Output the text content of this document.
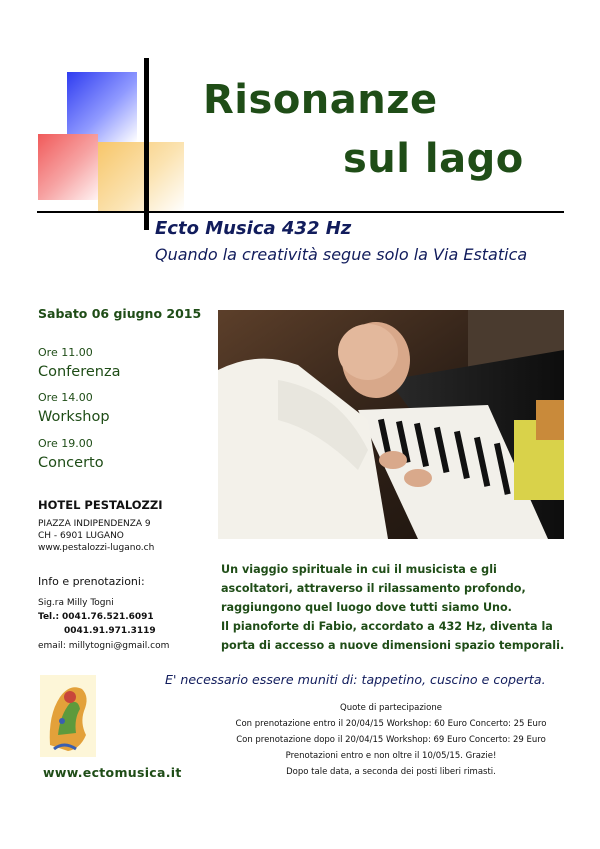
Risonanze
sul lago
Ecto Musica 432 Hz
Quando la creatività segue solo la Via Estatica
Sabato 06 giugno 2015
Ore 11.00
Conferenza
Ore 14.00
Workshop
Ore 19.00
Concerto
HOTEL PESTALOZZI
PIAZZA INDIPENDENZA 9
CH - 6901 LUGANO
www.pestalozzi-lugano.ch
Info e prenotazioni:
Sig.ra Milly Togni
Tel.: 0041.76.521.6091
0041.91.971.3119
email: millytogni@gmail.com
Un viaggio spirituale in cui il musicista e gli ascoltatori, attraverso il rilassamento profondo, raggiungono quel luogo dove tutti siamo Uno.
Il pianoforte di Fabio, accordato a 432 Hz, diventa la porta di accesso a nuove dimensioni spazio temporali.
E' necessario essere muniti di: tappetino, cuscino e coperta.
Quote di partecipazione
Con prenotazione entro il 20/04/15 Workshop: 60 Euro Concerto: 25 Euro
Con prenotazione dopo il 20/04/15 Workshop: 69 Euro Concerto: 29 Euro
Prenotazioni entro e non oltre il 10/05/15. Grazie!
Dopo tale data, a seconda dei posti liberi rimasti.
www.ectomusica.it
